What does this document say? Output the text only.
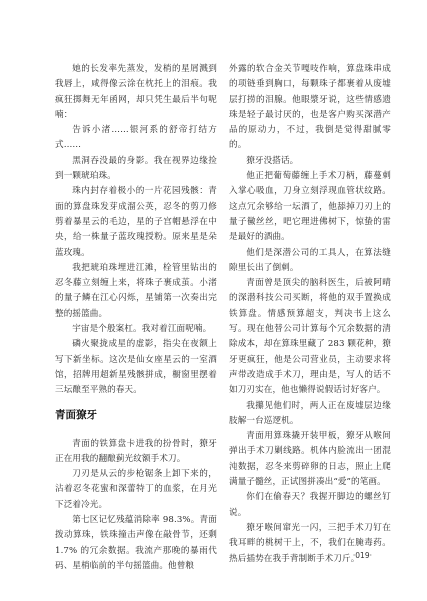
她的长发率先蒸发，发梢的星屑溅到我唇上，咸得像云涂在枕托上的泪痕。我疯狂掷舞无年函网，却只凭生最后半句呢喃：

告诉小渚……银河系的舒帝打结方式……

黑洞吞没最的身影。我在视界边缘捡到一颗琥珀珠。

珠内封存着极小的一片花园残骸：青面的算盘珠发芽成溜公英，忍冬的剪刀修剪着暴星云的毛边，星的子宫帽悬浮在中央，给一株量子蓝玫瑰授粉。原来星是朵蓝玫瑰。

我把琥珀珠埋进江滩，栓管里钻出的忍冬藤立刻缠上来，将珠子裹成茧。小渚的量子鳞在江心闪烁，星铺第一次奏出完整的摇篮曲。

宇宙是个般案杠。我对着江面呢喃。

磷火聚拢成星的虚影，指尖在夜额上写下新坐标。这次是仙女座星云的一室酒馆，招牌用超新星残骸拼成，橱窗里摆着三坛酿至平熟的春天。

青面獠牙

青面的铁算盘卡进我的扮骨时，獠牙正在用我的翻酿蓟光纹额手术刀。

刀刃是从云的步枪锯条上卸下来的，沾着忍冬花蜜和深蕾特丁的血浆，在月光下泛着冷光。

第七区记忆残蕴消除率 98.3%。青面拨动算珠，铁珠撞击声像在敲骨节，还剩 1.7% 的冗余数据。我流产那晚的暴雨代码、星梢临前的半句摇篮曲。他曾粮

外露的软合金关节嘎吱作响，算盘珠串成的项链垂到胸口，每颗珠子都裹着从废墟层打捞的泪腺。他眼漿牙说，这些情感遗珠是轻子最讨厌的，也是客户购买深潜产品的原动力，不过，我倒是觉得甜腻零的。

獠牙没搭话。

他正把葡萄藤缠上手术刀柄，藤蔓刺入掌心吸血，刀身立刻浮现血管状纹路。这点冗余够给一坛酒了，他舔掉刀刃上的量子黴丝丝，吧它理进佛树下，惊蛰的雷是最好的酒曲。

他们是深潜公司的工具人，在算法缝隙里长出了倒刺。

青面曾是顶尖的脑科医生，后被阿晴的深潜科技公司买断，将他的双手置换成铁算盘。情感预算超支，判决书上这么写。现在他替公司计算每个冗余数据的清除成本，却在算珠里藏了 283 颗花种，獠牙更疯狂，他是公司营业员，主动要求将声带改造成手术刀，理由是，写人的话不如刀刃实在，他也懒得说假话讨好客户。

我攥见他们时，两人正在废墟层边缘肢解一台巡逻机。

青面用算珠撬开装甲板，獠牙从喉间弹出手术刀剿线路。机体内脸流出一团混沌数据，忍冬来剪碎卵的日志，照止上爬满量子髓丝，正试图拼凑出“爱”的笔画。

你们在偷春天？我握开脚边的螺丝钉说。

獠牙喉间窜光一闪，三把手术刀钉在我耳畔的桃树干上，不，我们在腌毒药。热后插势在我手背制断手术刀斤。

·019·
